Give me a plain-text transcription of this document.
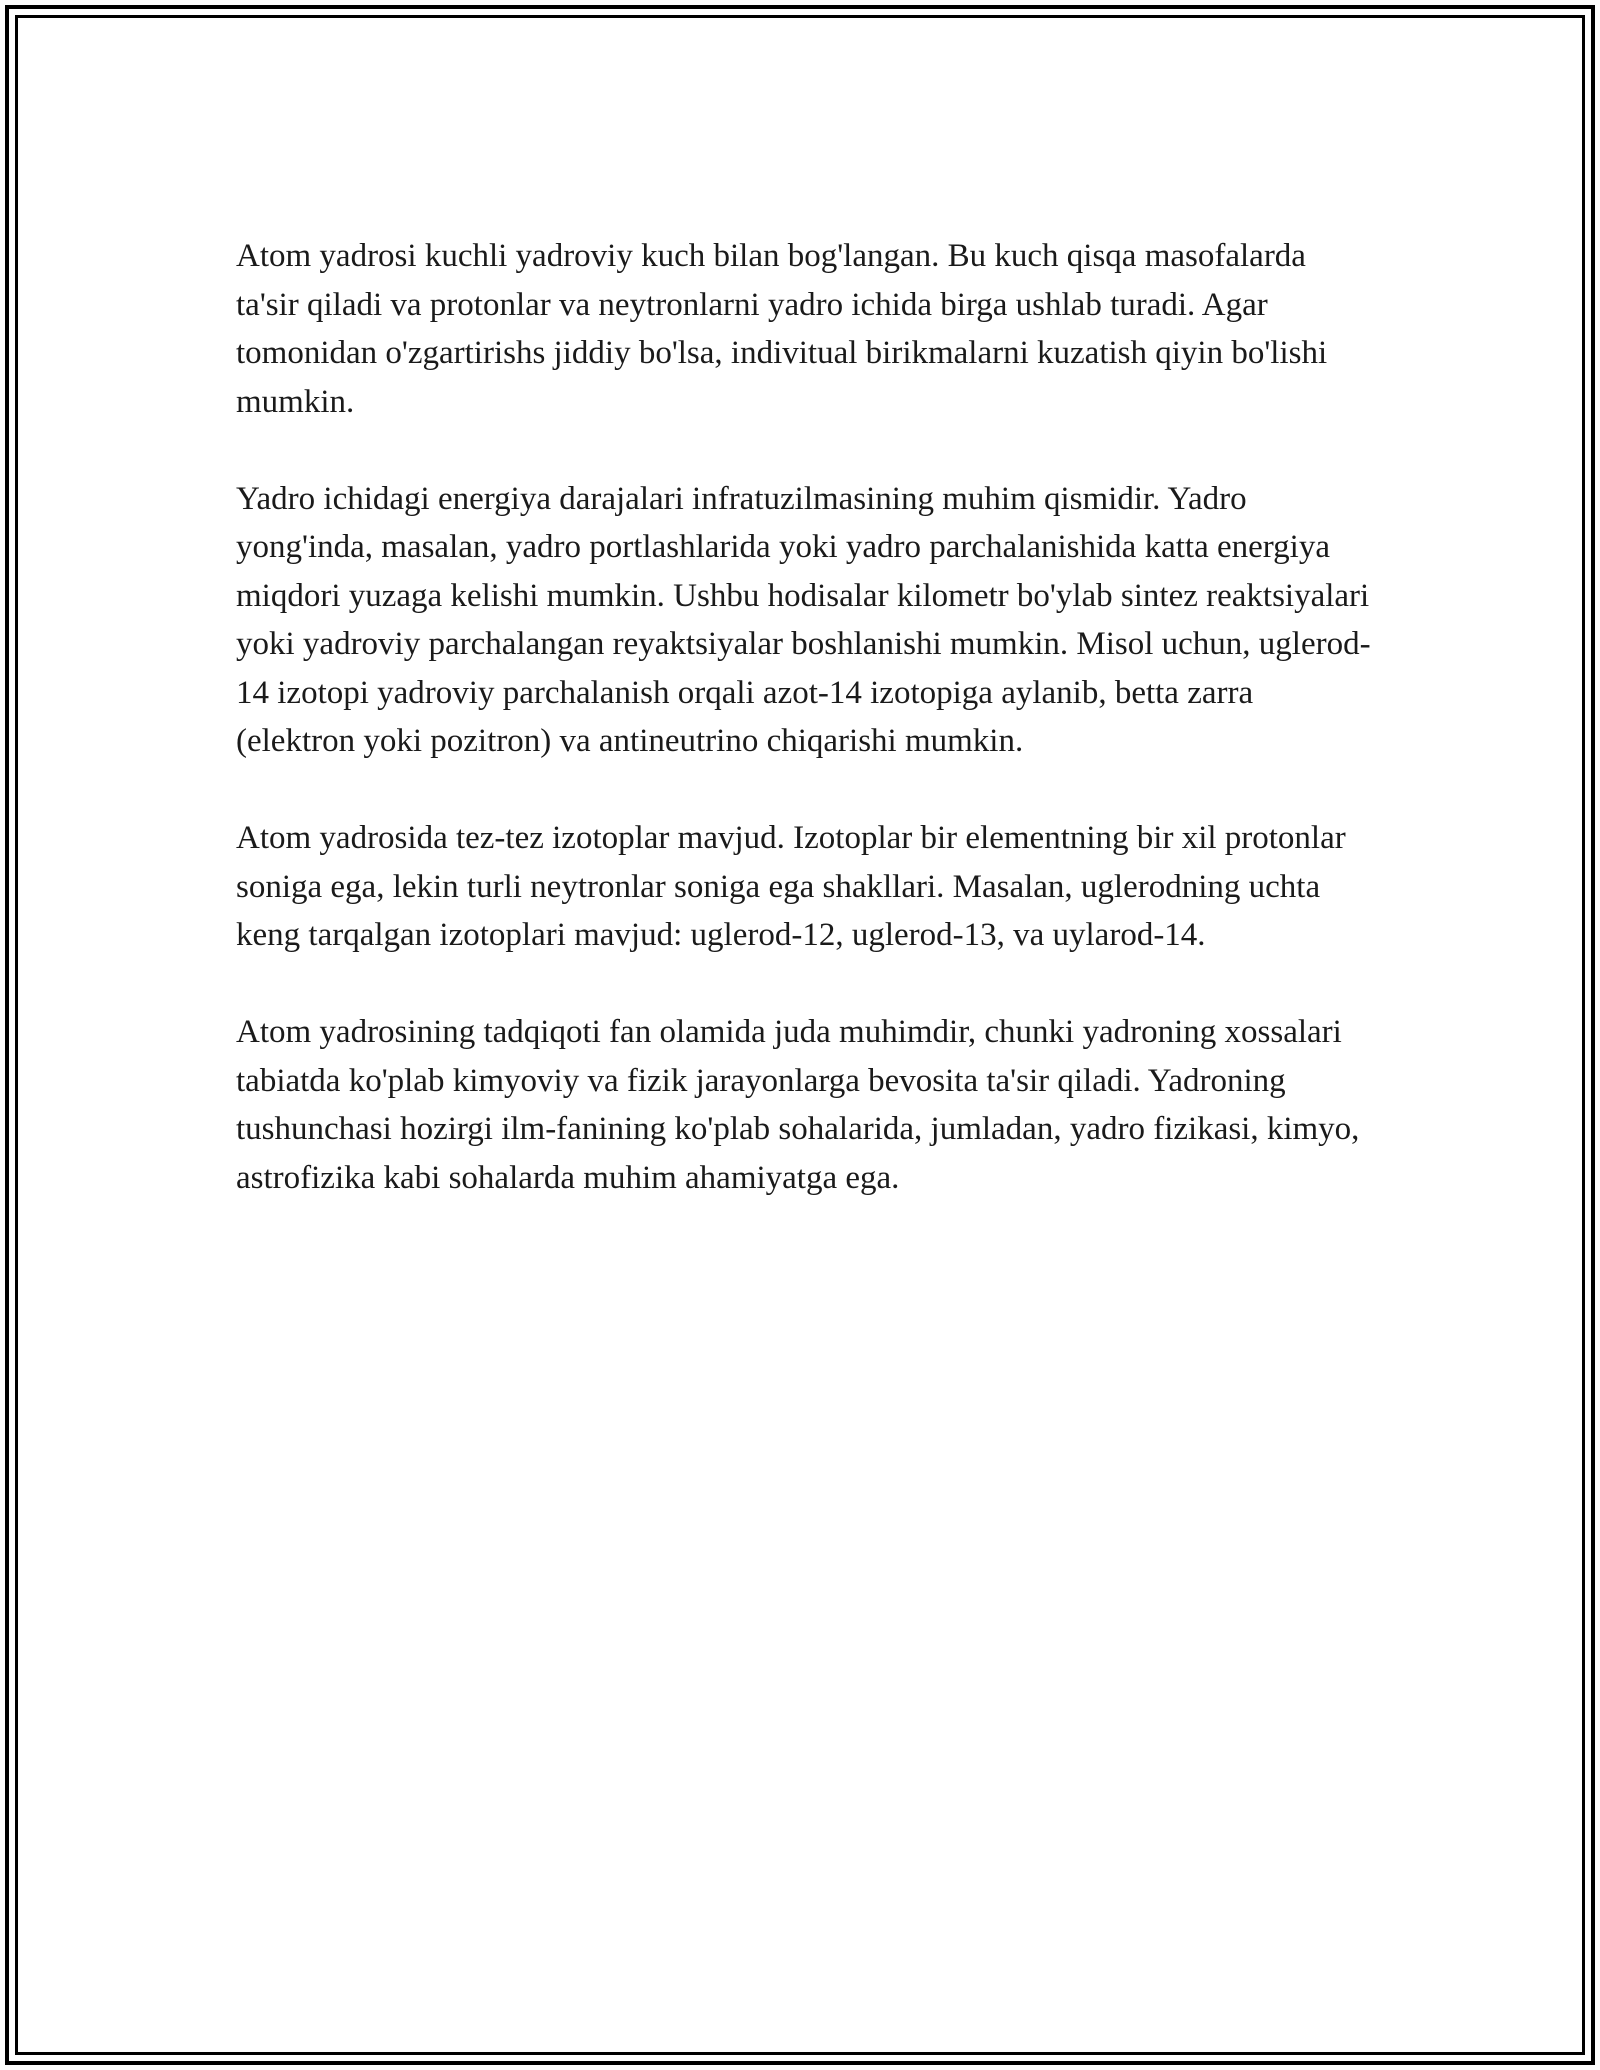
Atom yadrosi kuchli yadroviy kuch bilan bog'langan. Bu kuch qisqa masofalarda ta'sir qiladi va protonlar va neytronlarni yadro ichida birga ushlab turadi. Agar tomonidan o'zgartirishs jiddiy bo'lsa, indivitual birikmalarni kuzatish qiyin bo'lishi mumkin.

Yadro ichidagi energiya darajalari infratuzilmasining muhim qismidir. Yadro yong'inda, masalan, yadro portlashlarida yoki yadro parchalanishida katta energiya miqdori yuzaga kelishi mumkin. Ushbu hodisalar kilometr bo'ylab sintez reaktsiyalari yoki yadroviy parchalangan reyaktsiyalar boshlanishi mumkin. Misol uchun, uglerod-14 izotopi yadroviy parchalanish orqali azot-14 izotopiga aylanib, betta zarra (elektron yoki pozitron) va antineutrino chiqarishi mumkin.

Atom yadrosida tez-tez izotoplar mavjud. Izotoplar bir elementning bir xil protonlar soniga ega, lekin turli neytronlar soniga ega shakllari. Masalan, uglerodning uchta keng tarqalgan izotoplari mavjud: uglerod-12, uglerod-13, va uylarod-14.

Atom yadrosining tadqiqoti fan olamida juda muhimdir, chunki yadroning xossalari tabiatda ko'plab kimyoviy va fizik jarayonlarga bevosita ta'sir qiladi. Yadroning tushunchasi hozirgi ilm-fanining ko'plab sohalarida, jumladan, yadro fizikasi, kimyo, astrofizika kabi sohalarda muhim ahamiyatga ega.
